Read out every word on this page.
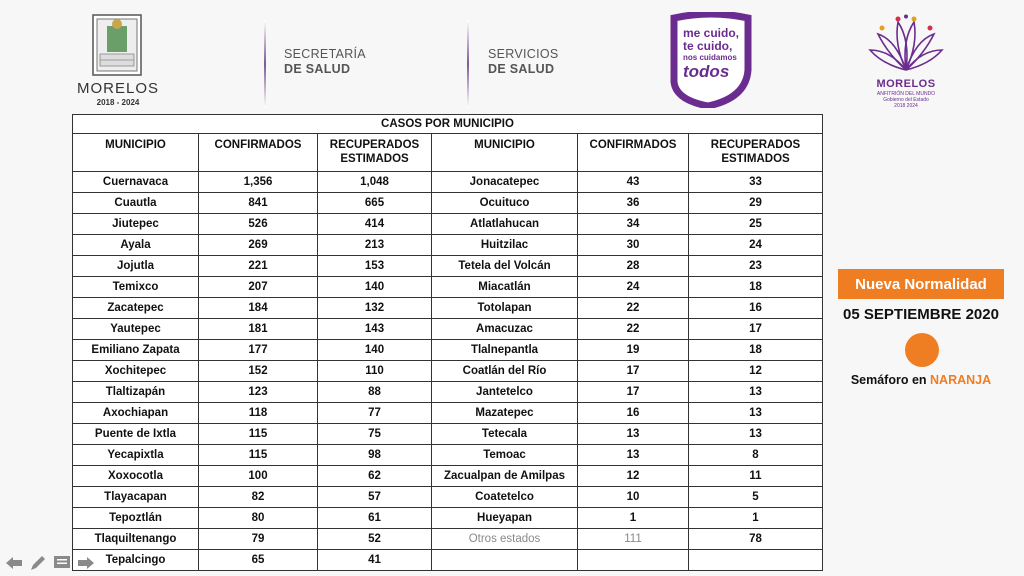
MORELOS
2018 - 2024
SECRETARÍA
DE SALUD
SERVICIOS
DE SALUD
me cuido,
te cuido,
nos cuidamos
todos
MORELOS
ANFITRIÓN DEL MUNDO
Gobierno del Estado
2018 2024
CASOS POR MUNICIPIO					
MUNICIPIO	CONFIRMADOS	RECUPERADOS ESTIMADOS	MUNICIPIO	CONFIRMADOS	RECUPERADOS ESTIMADOS
Cuernavaca	1,356	1,048	Jonacatepec	43	33
Cuautla	841	665	Ocuituco	36	29
Jiutepec	526	414	Atlatlahucan	34	25
Ayala	269	213	Huitzilac	30	24
Jojutla	221	153	Tetela del Volcán	28	23
Temixco	207	140	Miacatlán	24	18
Zacatepec	184	132	Totolapan	22	16
Yautepec	181	143	Amacuzac	22	17
Emiliano Zapata	177	140	Tlalnepantla	19	18
Xochitepec	152	110	Coatlán del Río	17	12
Tlaltizapán	123	88	Jantetelco	17	13
Axochiapan	118	77	Mazatepec	16	13
Puente de Ixtla	115	75	Tetecala	13	13
Yecapixtla	115	98	Temoac	13	8
Xoxocotla	100	62	Zacualpan de Amilpas	12	11
Tlayacapan	82	57	Coatetelco	10	5
Tepoztlán	80	61	Hueyapan	1	1
Tlaquiltenango	79	52	Otros estados	111	78
Tepalcingo	65	41			
Nueva Normalidad
05 SEPTIEMBRE 2020
Semáforo en NARANJA
